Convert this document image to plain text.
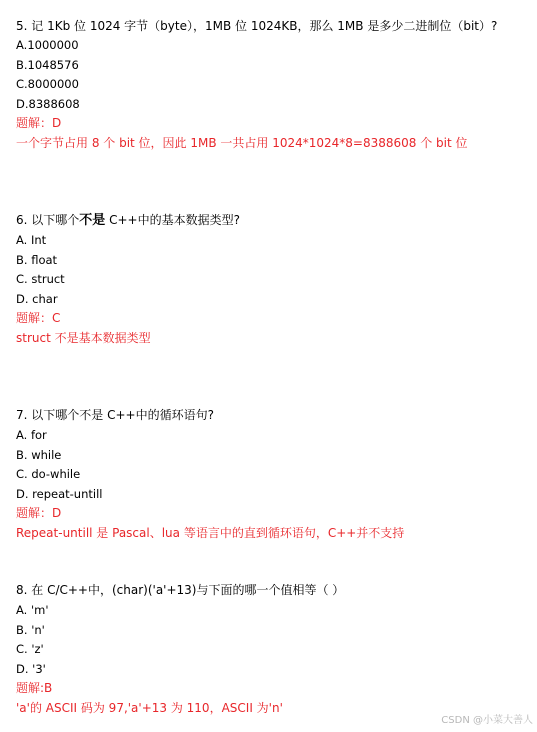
5. 记 1Kb 位 1024 字节（byte），1MB 位 1024KB，那么 1MB 是多少二进制位（bit）?
A.1000000
B.1048576
C.8000000
D.8388608
题解：D
一个字节占用 8 个 bit 位，因此 1MB 一共占用 1024*1024*8=8388608 个 bit 位
6. 以下哪个不是 C++中的基本数据类型?
A. Int
B. float
C. struct
D. char
题解：C
struct 不是基本数据类型
7. 以下哪个不是 C++中的循环语句?
A. for
B. while
C. do-while
D. repeat-untill
题解：D
Repeat-untill 是 Pascal、lua 等语言中的直到循环语句，C++并不支持
8. 在 C/C++中，(char)('a'+13)与下面的哪一个值相等（ ）
A. 'm'
B. 'n'
C. 'z'
D. '3'
题解:B
'a'的 ASCII 码为 97,'a'+13 为 110，ASCII 为'n'
CSDN @小菜大善人
